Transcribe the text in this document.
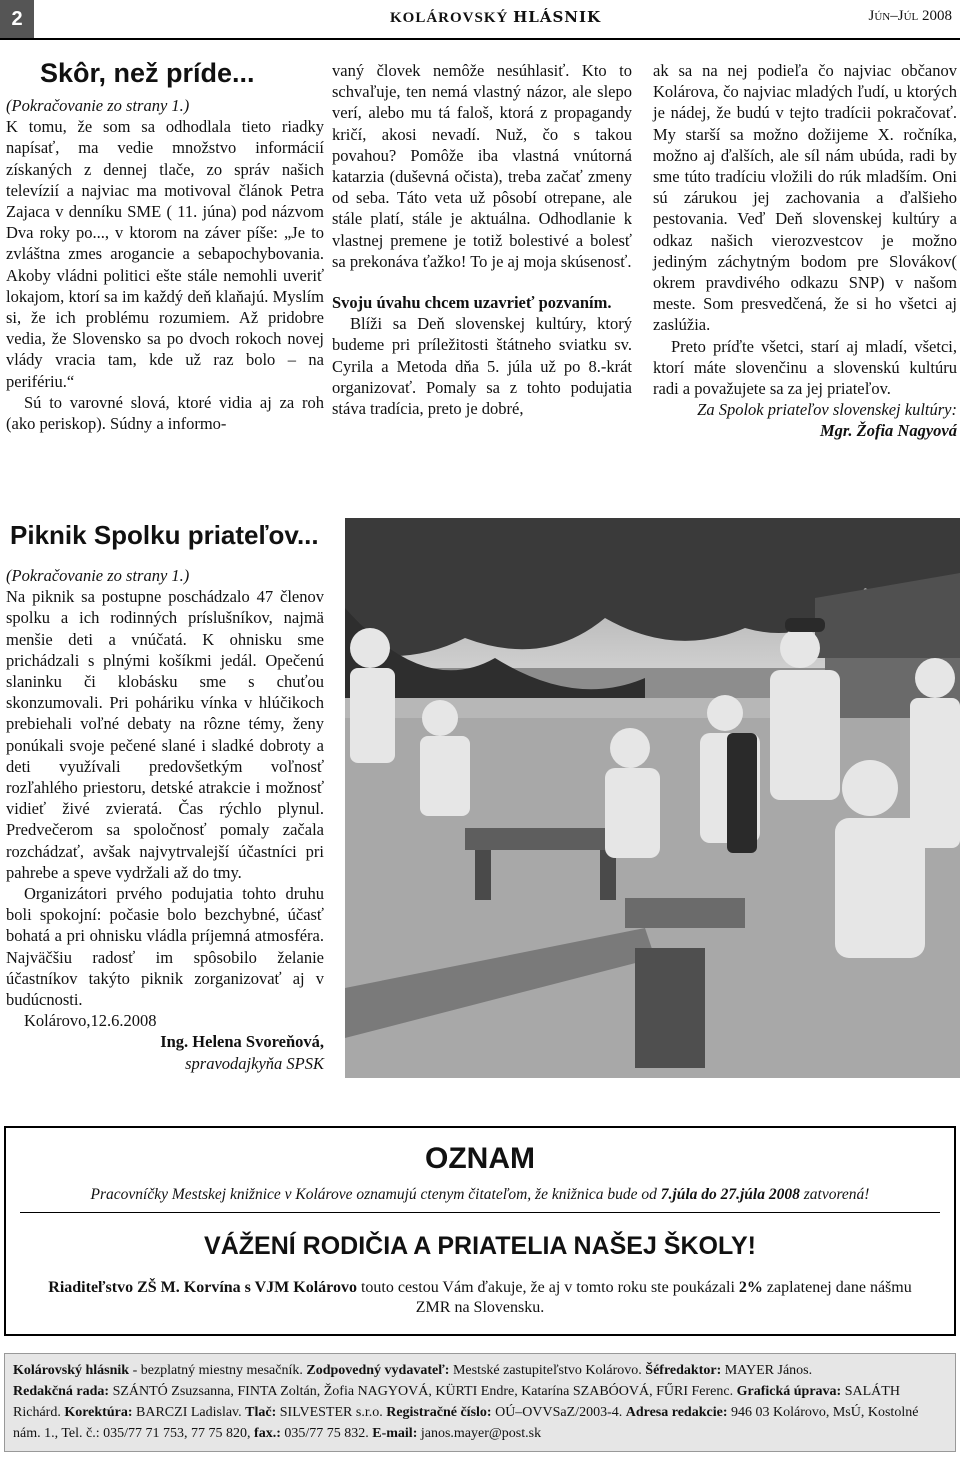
2	KOLÁROVSKÝ HLÁSNIK	Jún–Júl 2008
Skôr, než príde...

(Pokračovanie zo strany 1.)

K tomu, že som sa odhodlala tieto riadky napísať, ma vedie množstvo informácií získaných z dennej tlače, zo správ našich televízií a najviac ma motivoval článok Petra Zajaca v denníku SME ( 11. júna) pod názvom Dva roky po..., v ktorom na záver píše: „Je to zvláštna zmes arogancie a sebapochybovania. Akoby vládni politici ešte stále nemohli uveriť lokajom, ktorí sa im každý deň klaňajú. Myslím si, že ich problému rozumiem. Až pridobre vedia, že Slovensko sa po dvoch rokoch novej vlády vracia tam, kde už raz bolo – na perifériu.“

Sú to varovné slová, ktoré vidia aj za roh (ako periskop). Súdny a informo-

vaný človek nemôže nesúhlasiť. Kto to schvaľuje, ten nemá vlastný názor, ale slepo verí, alebo mu tá faloš, ktorá z propagandy kričí, akosi nevadí. Nuž, čo s takou povahou? Pomôže iba vlastná vnútorná katarzia (duševná očista), treba začať zmeny od seba. Táto veta už pôsobí otrepane, ale stále platí, stále je aktuálna. Odhodlanie k vlastnej premene je totiž bolestivé a bolesť sa prekonáva ťažko! To je aj moja skúsenosť.

Svoju úvahu chcem uzavrieť pozvaním.

Blíži sa Deň slovenskej kultúry, ktorý budeme pri príležitosti štátneho sviatku sv. Cyrila a Metoda dňa 5. júla už po 8.-krát organizovať. Pomaly sa z tohto podujatia stáva tradícia, preto je dobré,

ak sa na nej podieľa čo najviac občanov Kolárova, čo najviac mladých ľudí, u ktorých je nádej, že budú v tejto tradícii pokračovať. My starší sa možno dožijeme X. ročníka, možno aj ďalších, ale síl nám ubúda, radi by sme túto tradíciu vložili do rúk mladším. Oni sú zárukou jej zachovania a ďalšieho pestovania. Veď Deň slovenskej kultúry a odkaz našich vierozvestcov je možno jediným záchytným bodom pre Slovákov( okrem pravdivého odkazu SNP) v našom meste. Som presvedčená, že si ho všetci aj zaslúžia.

Preto príďte všetci, starí aj mladí, všetci, ktorí máte slovenčinu a slovenskú kultúru radi a považujete sa za jej priateľov.

Za Spolok priateľov slovenskej kultúry:

Mgr. Žofia Nagyová

Piknik Spolku priateľov...

(Pokračovanie zo strany 1.)

Na piknik sa postupne poschádzalo 47 členov spolku a ich rodinných príslušníkov, najmä menšie deti a vnúčatá. K ohnisku sme prichádzali s plnými košíkmi jedál. Opečenú slaninku či klobásku sme s chuťou skonzumovali. Pri poháriku vínka v hlúčikoch prebiehali voľné debaty na rôzne témy, ženy ponúkali svoje pečené slané i sladké dobroty a deti využívali predovšetkým voľnosť rozľahlého priestoru, detské atrakcie i možnosť vidieť živé zvieratá. Čas rýchlo plynul. Predvečerom sa spoločnosť pomaly začala rozchádzať, avšak najvytrvalejší účastníci pri pahrebe a speve vydržali až do tmy.

Organizátori prvého podujatia tohto druhu boli spokojní: počasie bolo bezchybné, účasť bohatá a pri ohnisku vládla príjemná atmosféra. Najväčšiu radosť im spôsobilo želanie účastníkov takýto piknik zorganizovať aj v budúcnosti.

Kolárovo,12.6.2008

Ing. Helena Svoreňová,

spravodajkyňa SPSK

OZNAM
Pracovníčky Mestskej knižnice v Kolárove oznamujú ctenym čitateľom, že knižnica bude od 7.júla do 27.júla 2008 zatvorená!
VÁŽENÍ RODIČIA A PRIATELIA NAŠEJ ŠKOLY!
Riaditeľstvo ZŠ M. Korvína s VJM Kolárovo touto cestou Vám ďakuje, že aj v tomto roku ste poukázali 2% zaplatenej dane nášmu ZMR na Slovensku.
Kolárovský hlásnik - bezplatný miestny mesačník. Zodpovedný vydavateľ: Mestské zastupiteľstvo Kolárovo. Šéfredaktor: MAYER János.
Redakčná rada: SZÁNTÓ Zsuzsanna, FINTA Zoltán, Žofia NAGYOVÁ, KÜRTI Endre, Katarína SZABÓOVÁ, FŰRI Ferenc. Grafická úprava: SALÁTH Richárd. Korektúra: BARCZI Ladislav. Tlač: SILVESTER s.r.o. Registračné číslo: OÚ–OVVSaZ/2003-4. Adresa redakcie: 946 03 Kolárovo, MsÚ, Kostolné nám. 1., Tel. č.: 035/77 71 753, 77 75 820, fax.: 035/77 75 832. E-mail: janos.mayer@post.sk
